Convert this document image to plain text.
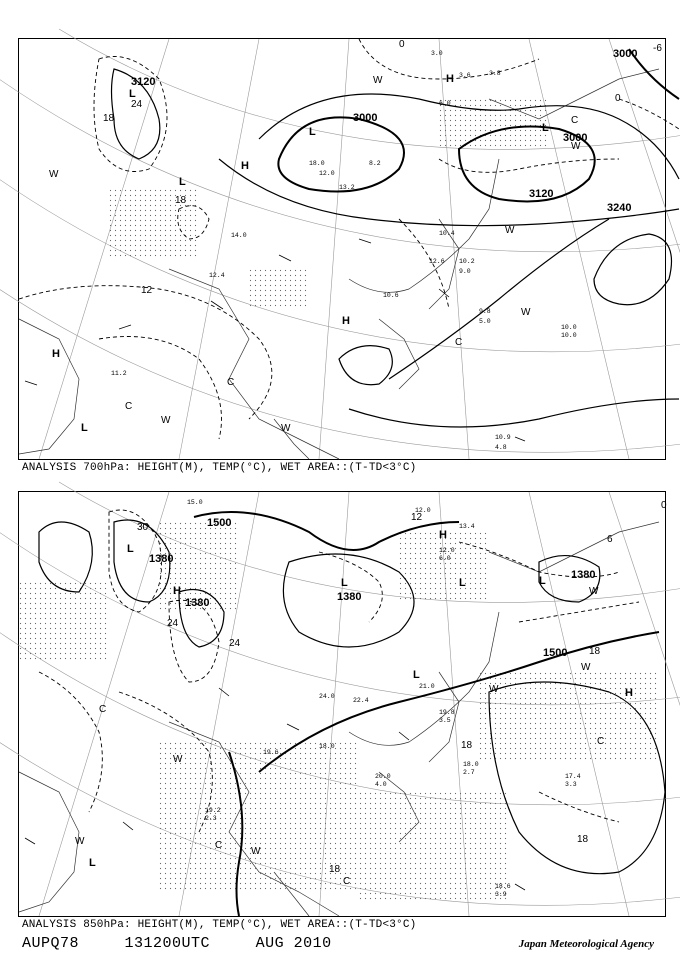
3120
3000
3000
3120
3240
3000
24
18
18
12
0
0
-6
L
H
L
H
L
H
H
L
L
W
W
W
W
W
W
W
C
C
C
C
3.0
3.6	3.8
6.0
18.0
12.0
8.2
13.2
10.4
10.2
9.0
12.6
14.0
12.4
11.2
10.6
9.8
5.0
10.0
10.0
10.9
4.8
ANALYSIS 700hPa: HEIGHT(M), TEMP(°C), WET AREA::(T-TD<3°C)
1500
1380
1380	1380
1380
1500
30
24
24
18
18
12
6
0
18
18
L
L
H
H
L
L
L
H
L
W
W
W
W
W
W
C
C
C
C
12.0
15.0
18.0
19.6
21.0
20.0
4.0
18.6
3.9
17.4
3.3
18.0
2.7
19.8
3.5
19.2
2.3
24.0
22.4
13.4
12.0
6.0
ANALYSIS 850hPa: HEIGHT(M), TEMP(°C), WET AREA::(T-TD<3°C)
AUPQ78	131200UTC	AUG 2010	Japan Meteorological Agency
